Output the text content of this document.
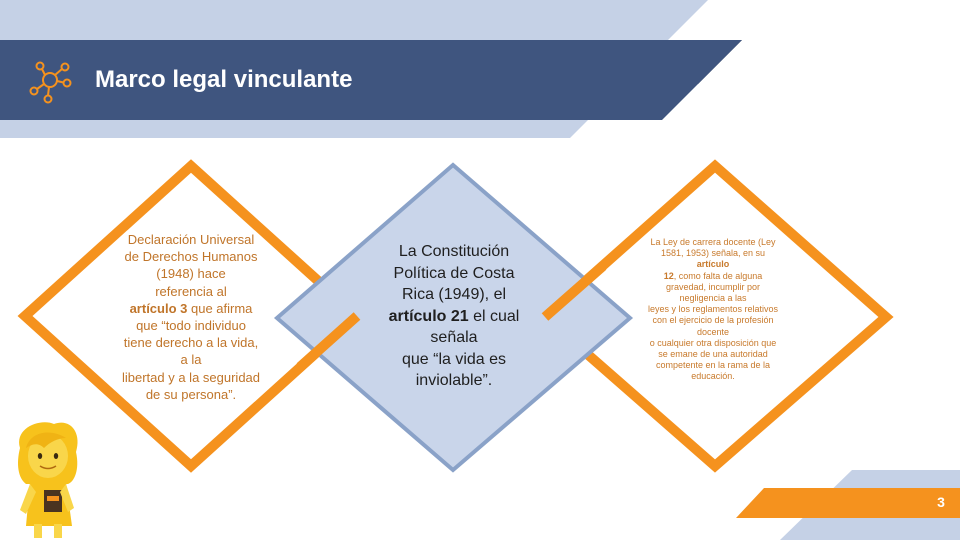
Marco legal vinculante
Declaración Universal
de Derechos Humanos
(1948) hace
referencia al
artículo 3 que afirma
que “todo individuo
tiene derecho a la vida,
a la
libertad y a la seguridad
de su persona”.
La Constitución
Política de Costa
Rica (1949), el
artículo 21 el cual
señala
que “la vida es
inviolable”.
La Ley de carrera docente (Ley
1581, 1953) señala, en su
artículo
12, como falta de alguna
gravedad, incumplir por
negligencia a las
leyes y los reglamentos relativos
con el ejercicio de la profesión
docente
o cualquier otra disposición que
se emane de una autoridad
competente en la rama de la
educación.
3
